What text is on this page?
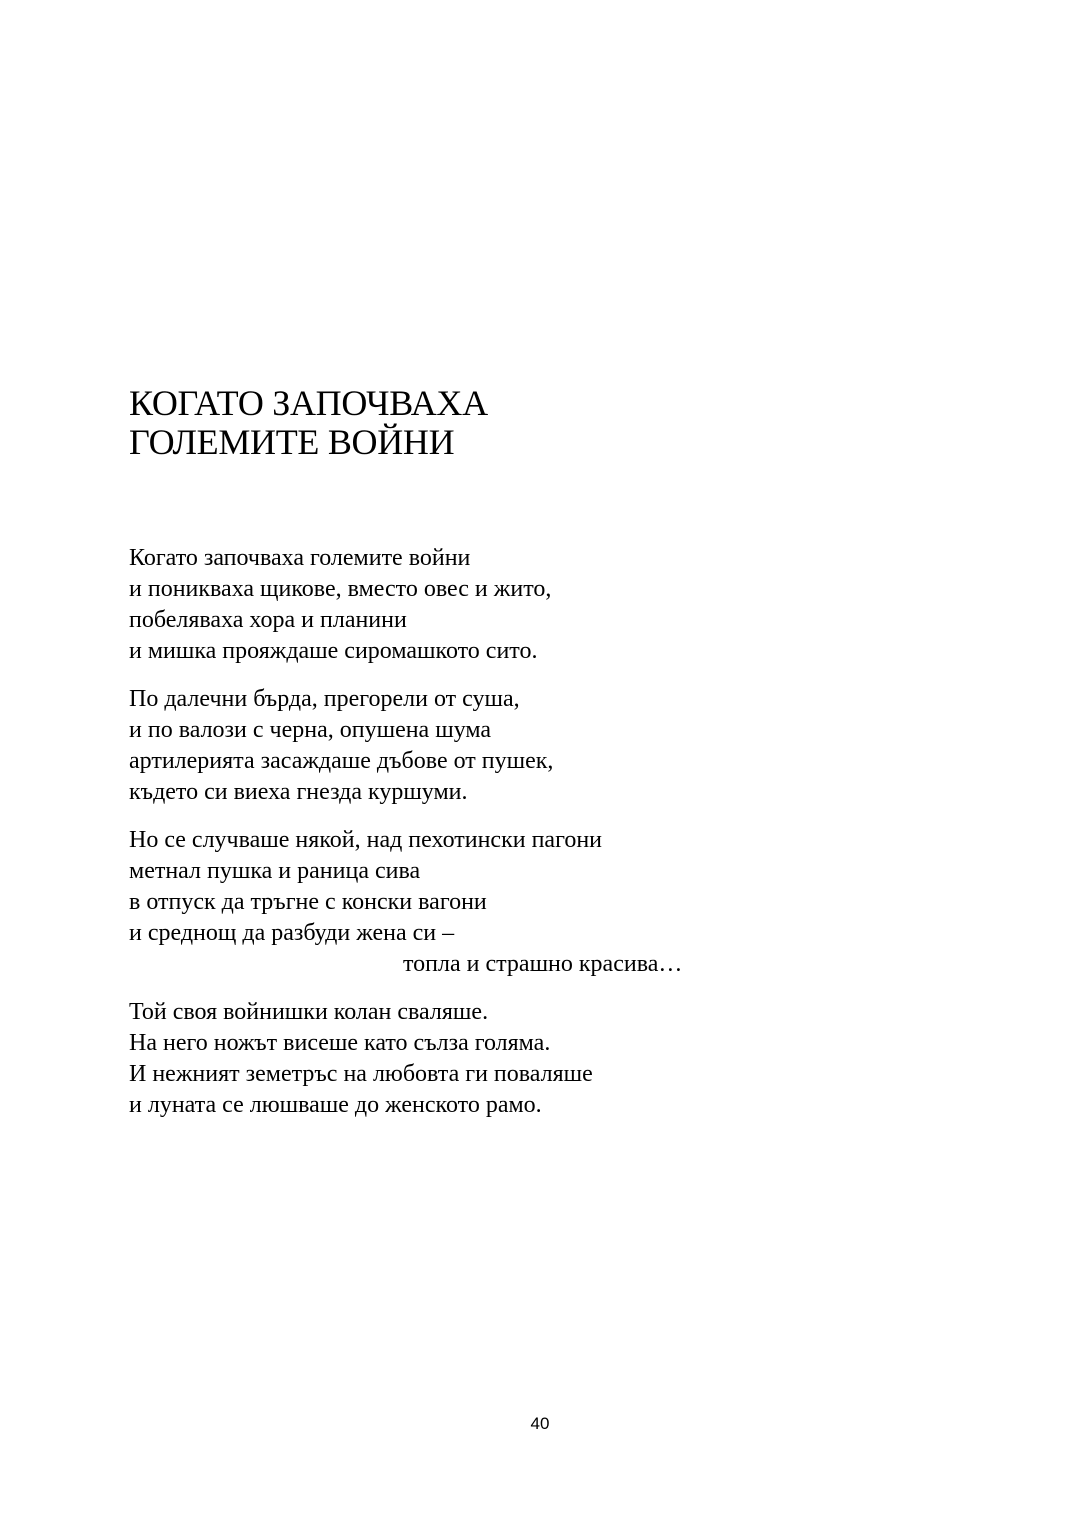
КОГАТО ЗАПОЧВАХА
ГОЛЕМИТЕ ВОЙНИ

Когато започваха големите войни
и поникваха щикове, вместо овес и жито,
побеляваха хора и планини
и мишка прояждаше сиромашкото сито.

По далечни бърда, прегорели от суша,
и по валози с черна, опушена шума
артилерията засаждаше дъбове от пушек,
където си виеха гнезда куршуми.

Но се случваше някой, над пехотински пагони
метнал пушка и раница сива
в отпуск да тръгне с конски вагони
и среднощ да разбуди жена си –
топла и страшно красива…

Той своя войнишки колан сваляше.
На него ножът висеше като сълза голяма.
И нежният земетръс на любовта ги поваляше
и луната се люшваше до женското рамо.

40
